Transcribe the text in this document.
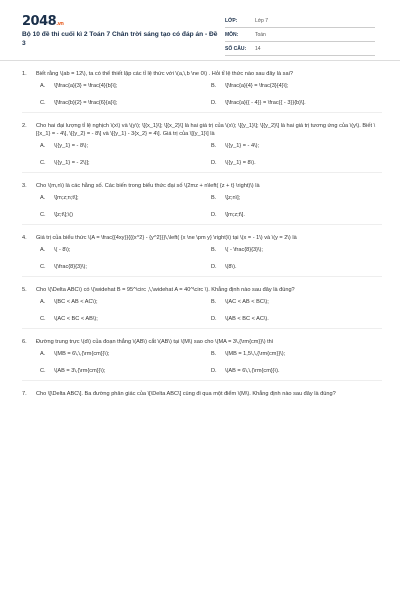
2048.vn
Bộ 10 đề thi cuối kì 2 Toán 7 Chân trời sáng tạo có đáp án - Đề 3
LỚP:	Lớp 7
MÔN:	Toán
SỐ CÂU:	14
1.	Biết rằng \(ab = 12\), ta có thể thiết lập các tỉ lệ thức với \(a,\,b \ne 0\) . Hỏi tỉ lệ thức nào sau đây là sai?
A.	\[\frac{a}{3} = \frac{4}{b}\];	B.	\[\frac{a}{4} = \frac{3}{4}\];
C.	\[\frac{b}{2} = \frac{6}{a}\];	D.	\[\frac{a}{{ - 4}} = \frac{{ - 3}}{b}\].
2.	Cho hai đại lượng tỉ lệ nghịch \(x\) và \(y\); \[{x_1}\]; \[{x_2}\] là hai giá trị của \(x\); \[{y_1}\]; \[{y_2}\] là hai giá trị tương ứng của \(y\). Biết \[{x_1} = - 4\], \[{y_2} = - 8\] và \[{y_1} - 3{x_2} = 4\]. Giá trị của \[{y_1}\] là
A.	\({y_1} = - 8\);	B.	\({y_1} = - 4\);
C.	\({y_1} = - 2\)];	D.	\({y_1} = 8\).
3.	Cho \(m,n\) là các hằng số. Các biến trong biểu thức đại số \(2mz + n\left( {z + t} \right)\) là
A.	\[m;z;n;t\];	B.	\[z;n\];
C.	\[z;t\];\()	D.	\[m;z;t\].
4.	Giá trị của biểu thức \(A = \frac{{4xy}}{{{x^2} - {y^2}}}\,\left( {x \ne \pm y} \right)\) tại \(x = - 1\) và \(y = 2\) là
A.	\( - 8\);	B.	\( - \frac{8}{3}\);
C.	\(\frac{8}{3}\);	D.	\(8\).
5.	Cho \(\Delta ABC\) có \(\widehat B = 95^\circ ,\,\widehat A = 40^\circ \). Khẳng định nào sau đây là đúng?
A.	\(BC < AB < AC\);	B.	\(AC < AB < BC\);
C.	\(AC < BC < AB\);	D.	\(AB < BC < AC\).
6.	Đường trung trực \(d\) của đoạn thẳng \(AB\) cắt \(AB\) tại \(M\) sao cho \(MA = 3\,{\rm{cm}}\) thì
A.	\(MB = 6\,\,{\rm{cm}}\);	B.	\(MB = 1,5\,\,{\rm{cm}}\);
C.	\(AB = 3\,{\rm{cm}}\);	D.	\(AB = 6\,\,{\rm{cm}}\).
7.	Cho \[\Delta ABC\]. Ba đường phân giác của \[\Delta ABC\] cùng đi qua một điểm \(M\). Khẳng định nào sau đây là đúng?
